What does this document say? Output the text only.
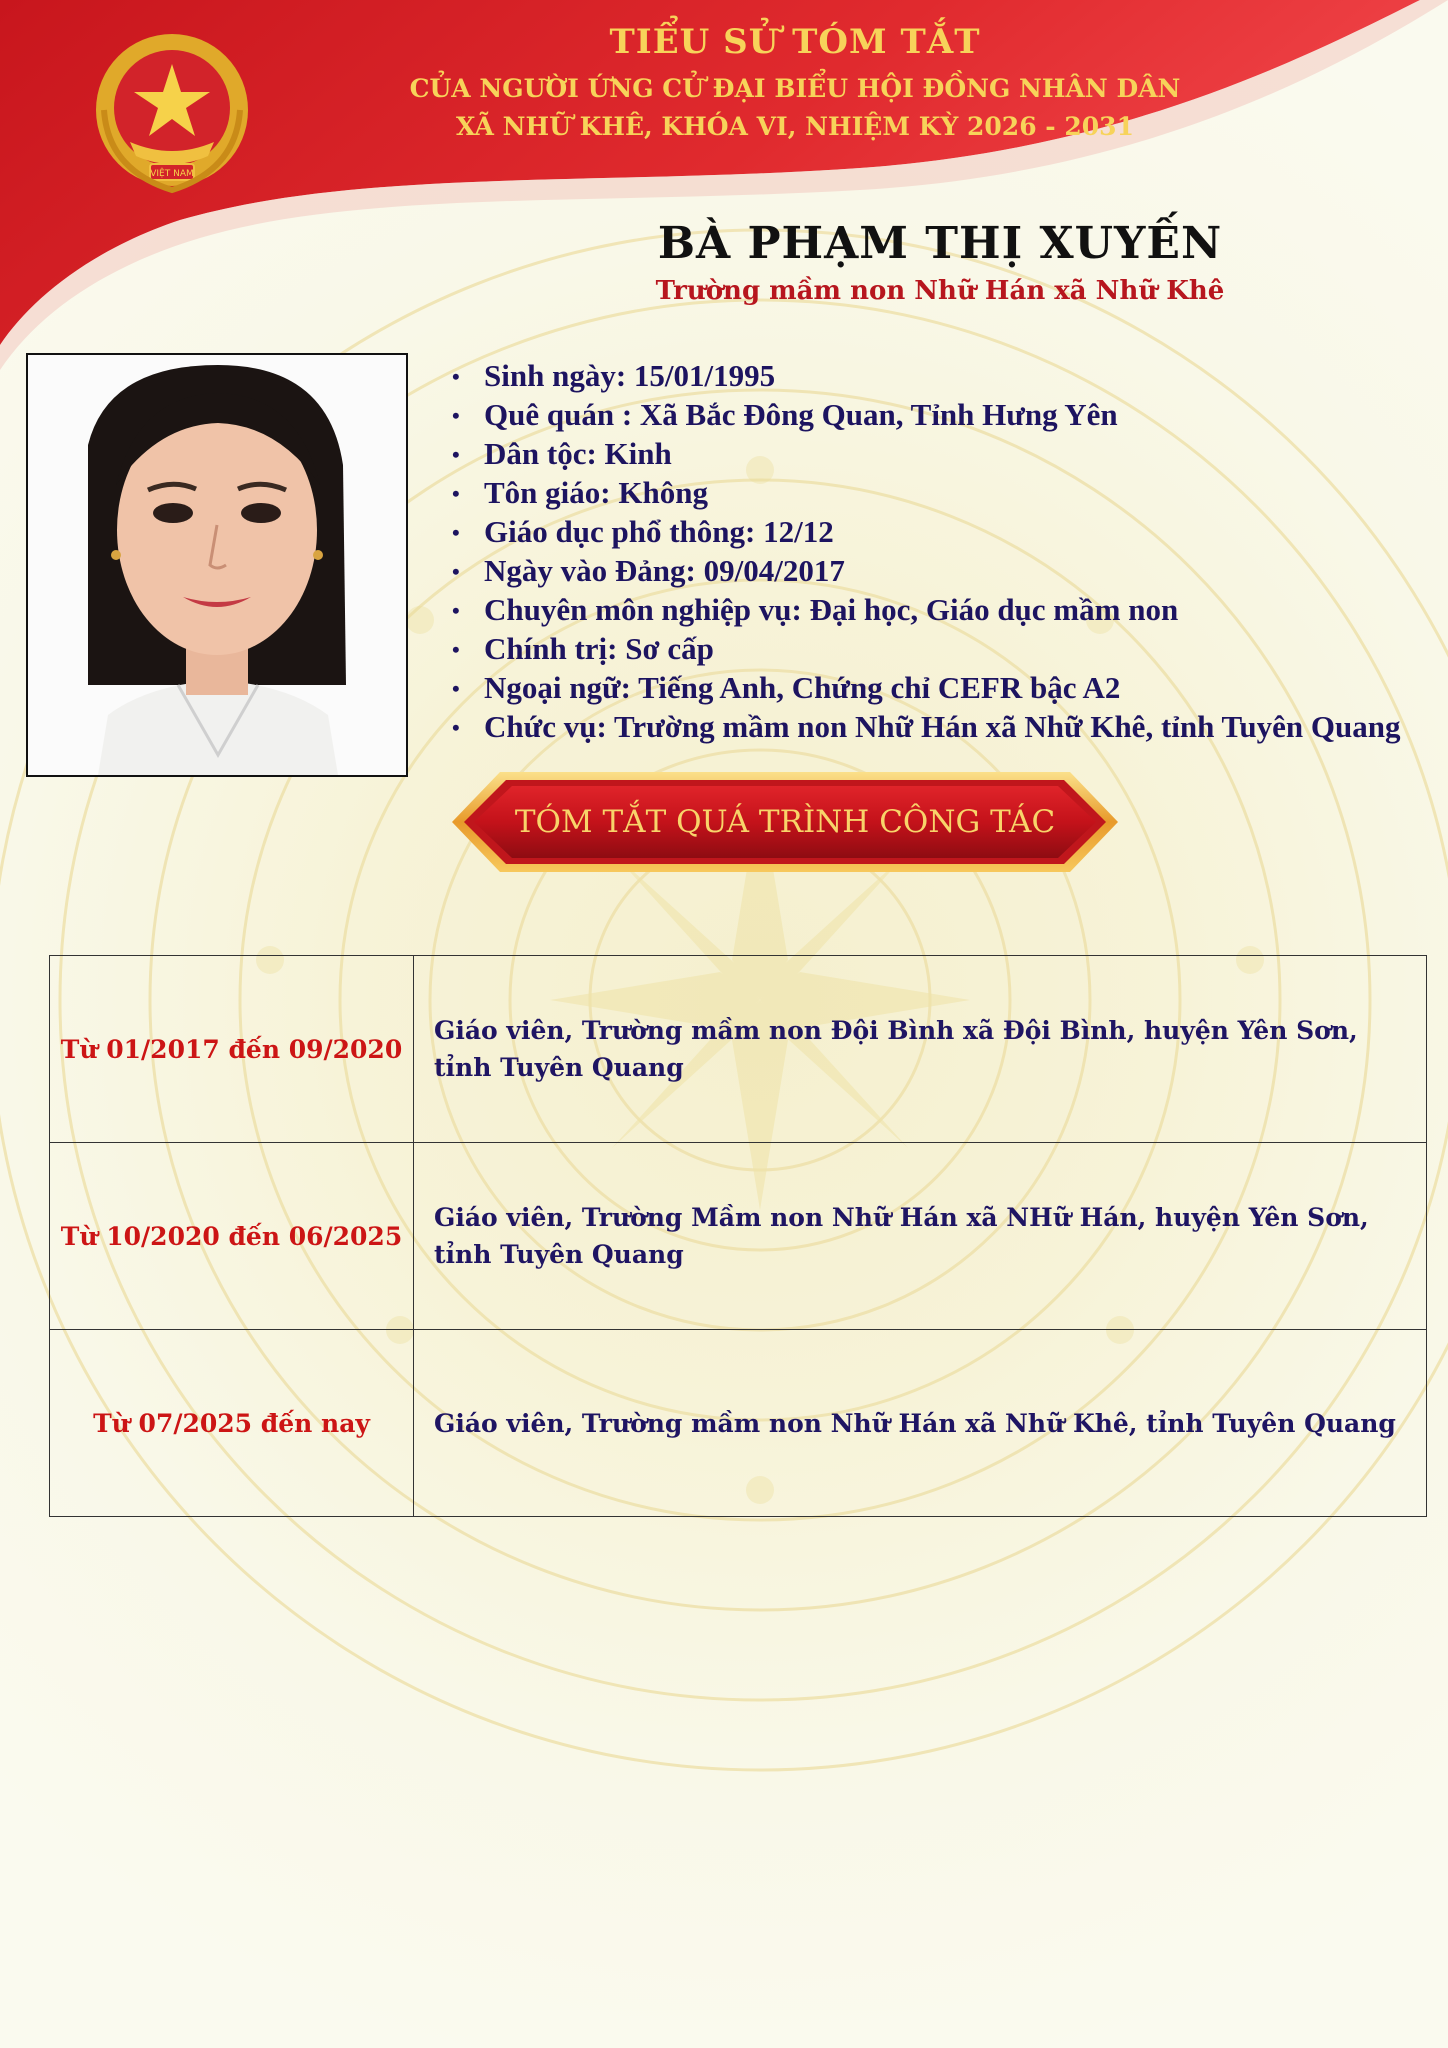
VIỆT NAM
TIỂU SỬ TÓM TẮT
CỦA NGƯỜI ỨNG CỬ ĐẠI BIỂU HỘI ĐỒNG NHÂN DÂN
XÃ NHỮ KHÊ, KHÓA VI, NHIỆM KỲ 2026 - 2031
BÀ PHẠM THỊ XUYẾN
Trường mầm non Nhữ Hán xã Nhữ Khê
• Sinh ngày: 15/01/1995
• Quê quán : Xã Bắc Đông Quan, Tỉnh Hưng Yên
• Dân tộc: Kinh
• Tôn giáo: Không
• Giáo dục phổ thông: 12/12
• Ngày vào Đảng: 09/04/2017
• Chuyên môn nghiệp vụ: Đại học, Giáo dục mầm non
• Chính trị: Sơ cấp
• Ngoại ngữ: Tiếng Anh, Chứng chỉ CEFR bậc A2
• Chức vụ: Trường mầm non Nhữ Hán xã Nhữ Khê, tỉnh Tuyên Quang
TÓM TẮT QUÁ TRÌNH CÔNG TÁC
Từ 01/2017 đến 09/2020	Giáo viên, Trường mầm non Đội Bình xã Đội Bình, huyện Yên Sơn, tỉnh Tuyên Quang
Từ 10/2020 đến 06/2025	Giáo viên, Trường Mầm non Nhữ Hán xã NHữ Hán, huyện Yên Sơn, tỉnh Tuyên Quang
Từ 07/2025 đến nay	Giáo viên, Trường mầm non Nhữ Hán xã Nhữ Khê, tỉnh Tuyên Quang
